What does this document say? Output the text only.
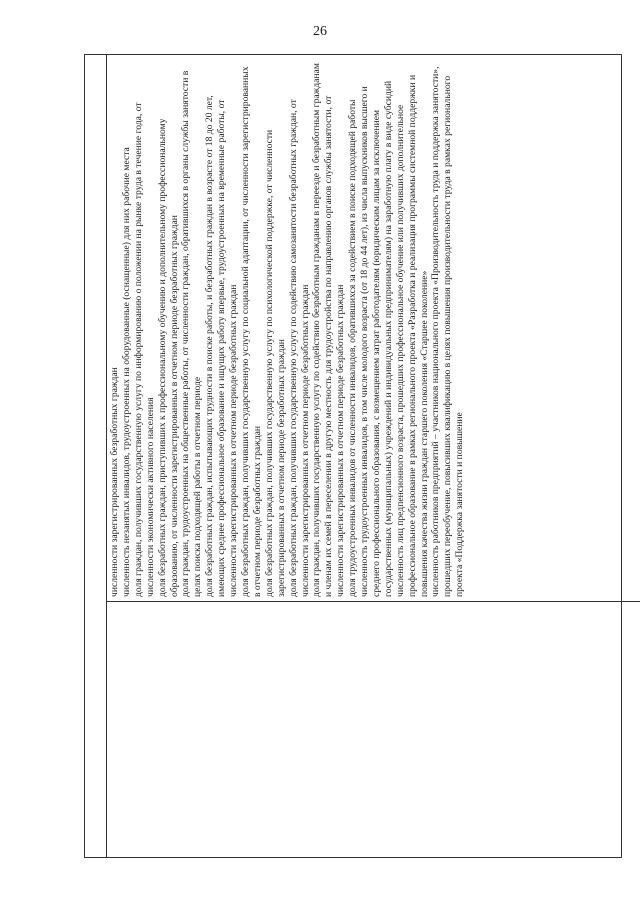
26

численности зарегистрированных безработных граждан численность незанятых инвалидов, трудоустроенных на оборудованные (оснащенные) для них рабочие места доля граждан, получивших государственную услугу по информированию о положении на рынке труда в течение года, от численности экономически активного населения доля безработных граждан, приступивших к профессиональному обучению и дополнительному профессиональному образованию, от численности зарегистрированных в отчетном периоде безработных граждан доля граждан, трудоустроенных на общественные работы, от численности граждан, обратившихся в органы службы занятости в целях поиска подходящей работы в отчетном периоде доля безработных граждан, испытывающих трудности в поиске работы, и безработных граждан в возрасте от 18 до 20 лет, имеющих среднее профессиональное образование и ищущих работу впервые, трудоустроенных на временные работы, от численности зарегистрированных в отчетном периоде безработных граждан доля безработных граждан, получивших государственную услугу по социальной адаптации, от численности зарегистрированных в отчетном периоде безработных граждан доля безработных граждан, получивших государственную услугу по психологической поддержке, от численности зарегистрированных в отчетном периоде безработных граждан доля безработных граждан, получивших государственную услугу по содействию самозанятости безработных граждан, от численности зарегистрированных в отчетном периоде безработных граждан доля граждан, получивших государственную услугу по содействию безработным гражданам в переезде и безработным гражданам и членам их семей в переселении в другую местность для трудоустройства по направлению органов службы занятости, от численности зарегистрированных в отчетном периоде безработных граждан доля трудоустроенных инвалидов от численности инвалидов, обратившихся за содействием в поиске подходящей работы численность трудоустроенных инвалидов, в том числе молодого возраста (от 18 до 44 лет), из числа выпускников высшего и среднего профессионального образования, с возмещением затрат работодателям (юридическим лицам за исключением государственных (муниципальных) учреждений и индивидуальных предпринимателям) на заработную плату в виде субсидий численность лиц предпенсионного возраста, прошедших профессиональное обучение или получивших дополнительное профессиональное образование в рамках регионального проекта «Разработка и реализация программы системной поддержки и повышения качества жизни граждан старшего поколения «Старшее поколение» численность работников предприятий – участников национального проекта «Производительность труда и поддержка занятости», прошедших переобучение, повысивших квалификацию в целях повышения производительности труда в рамках регионального проекта «Поддержка занятости и повышение
